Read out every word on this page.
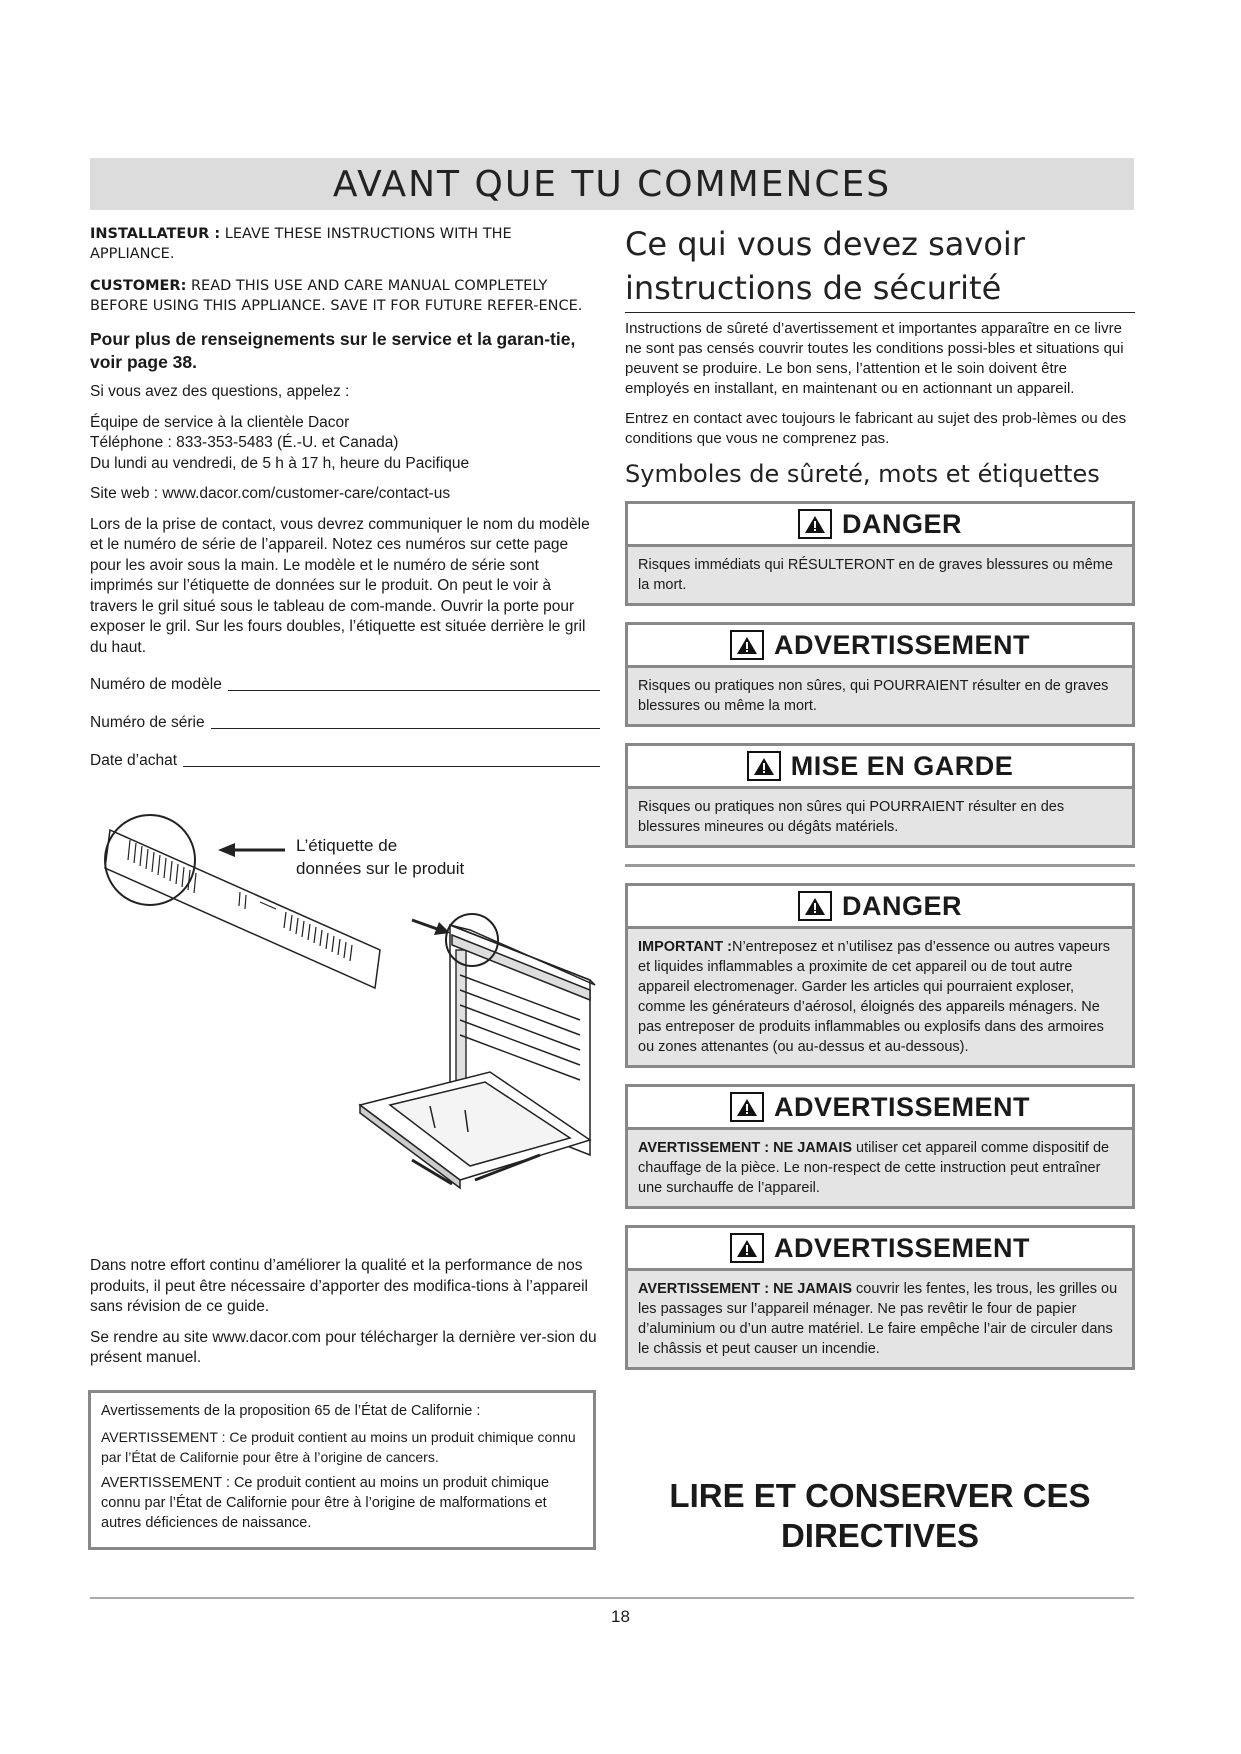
AVANT QUE TU COMMENCES

INSTALLATEUR : LEAVE THESE INSTRUCTIONS WITH THE APPLIANCE.

CUSTOMER: READ THIS USE AND CARE MANUAL COMPLETELY BEFORE USING THIS APPLIANCE. SAVE IT FOR FUTURE REFER-ENCE.

Pour plus de renseignements sur le service et la garan-tie, voir page 38.

Si vous avez des questions, appelez :

Équipe de service à la clientèle Dacor

Téléphone : 833-353-5483 (É.-U. et Canada)

Du lundi au vendredi, de 5 h à 17 h, heure du Pacifique

Site web : www.dacor.com/customer-care/contact-us

Lors de la prise de contact, vous devrez communiquer le nom du modèle et le numéro de série de l’appareil. Notez ces numéros sur cette page pour les avoir sous la main. Le modèle et le numéro de série sont imprimés sur l’étiquette de données sur le produit. On peut le voir à travers le gril situé sous le tableau de com-mande. Ouvrir la porte pour exposer le gril. Sur les fours doubles, l’étiquette est située derrière le gril du haut.

Numéro de modèle
Numéro de série
Date d’achat
L’étiquette de données sur le produit

Dans notre effort continu d’améliorer la qualité et la performance de nos produits, il peut être nécessaire d’apporter des modifica-tions à l’appareil sans révision de ce guide.

Se rendre au site www.dacor.com pour télécharger la dernière ver-sion du présent manuel.

Avertissements de la proposition 65 de l’État de Californie :

AVERTISSEMENT : Ce produit contient au moins un produit chimique connu par l’État de Californie pour être à l’origine de cancers.

AVERTISSEMENT : Ce produit contient au moins un produit chimique connu par l’État de Californie pour être à l’origine de malformations et autres déficiences de naissance.

Ce qui vous devez savoir instructions de sécurité

Instructions de sûreté d’avertissement et importantes apparaître en ce livre ne sont pas censés couvrir toutes les conditions possi-bles et situations qui peuvent se produire. Le bon sens, l’attention et le soin doivent être employés en installant, en maintenant ou en actionnant un appareil.

Entrez en contact avec toujours le fabricant au sujet des prob-lèmes ou des conditions que vous ne comprenez pas.

Symboles de sûreté, mots et étiquettes
DANGER
Risques immédiats qui RÉSULTERONT en de graves blessures ou même la mort.
ADVERTISSEMENT
Risques ou pratiques non sûres, qui POURRAIENT résulter en de graves blessures ou même la mort.
MISE EN GARDE
Risques ou pratiques non sûres qui POURRAIENT résulter en des blessures mineures ou dégâts matériels.
DANGER
IMPORTANT :N’entreposez et n’utilisez pas d’essence ou autres vapeurs et liquides inflammables a proximite de cet appareil ou de tout autre appareil electromenager. Garder les articles qui pourraient exploser, comme les générateurs d’aérosol, éloignés des appareils ménagers. Ne pas entreposer de produits inflammables ou explosifs dans des armoires ou zones attenantes (ou au-dessus et au-dessous).
ADVERTISSEMENT
AVERTISSEMENT : NE JAMAIS utiliser cet appareil comme dispositif de chauffage de la pièce. Le non-respect de cette instruction peut entraîner une surchauffe de l’appareil.
ADVERTISSEMENT
AVERTISSEMENT : NE JAMAIS couvrir les fentes, les trous, les grilles ou les passages sur l’appareil ménager. Ne pas revêtir le four de papier d’aluminium ou d’un autre matériel. Le faire empêche l’air de circuler dans le châssis et peut causer un incendie.
LIRE ET CONSERVER CES DIRECTIVES
18
